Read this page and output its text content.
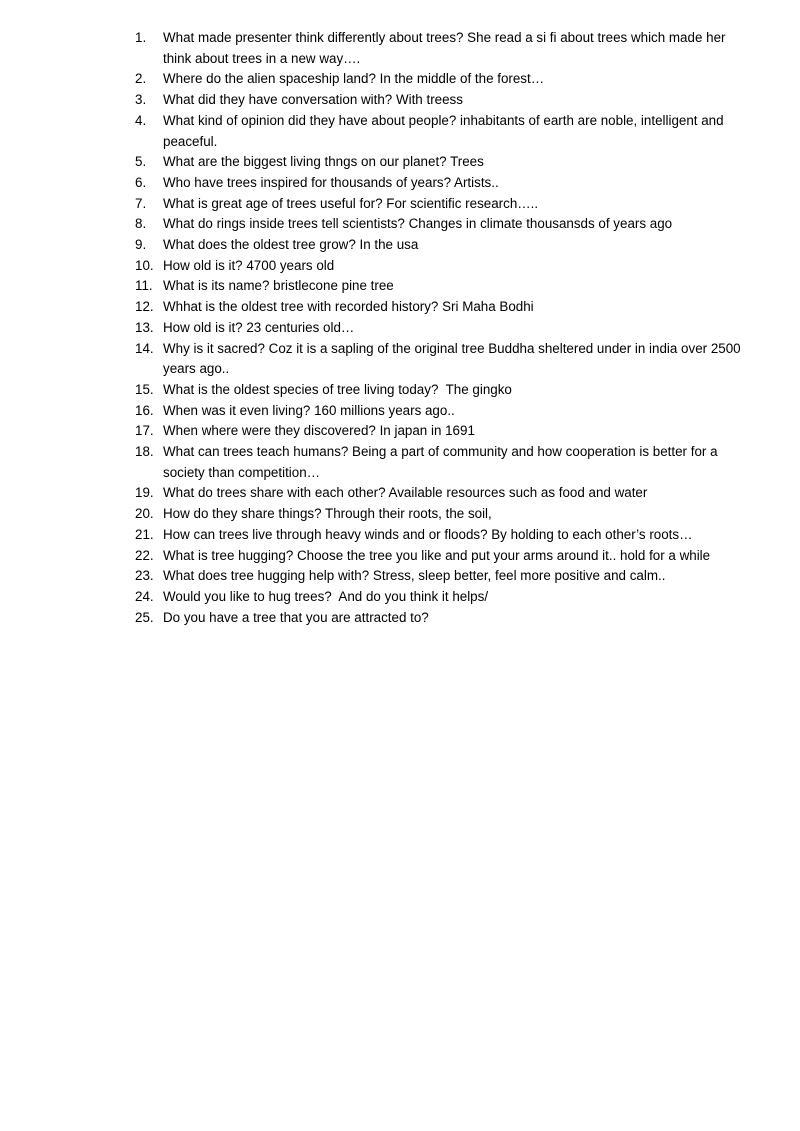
1.	What made presenter think differently about trees? She read a si fi about trees which made her think about trees in a new way….
2.	Where do the alien spaceship land? In the middle of the forest…
3.	What did they have conversation with? With treess
4.	What kind of opinion did they have about people? inhabitants of earth are noble, intelligent and peaceful.
5.	What are the biggest living thngs on our planet? Trees
6.	Who have trees inspired for thousands of years? Artists..
7.	What is great age of trees useful for? For scientific research…..
8.	What do rings inside trees tell scientists? Changes in climate thousansds of years ago
9.	What does the oldest tree grow? In the usa
10. How old is it? 4700 years old
11. What is its name? bristlecone pine tree
12. Whhat is the oldest tree with recorded history? Sri Maha Bodhi
13. How old is it? 23 centuries old…
14. Why is it sacred? Coz it is a sapling of the original tree Buddha sheltered under in india over 2500 years ago..
15. What is the oldest species of tree living today?  The gingko
16. When was it even living? 160 millions years ago..
17. When where were they discovered? In japan in 1691
18. What can trees teach humans? Being a part of community and how cooperation is better for a society than competition…
19. What do trees share with each other? Available resources such as food and water
20. How do they share things? Through their roots, the soil,
21. How can trees live through heavy winds and or floods? By holding to each other’s roots…
22. What is tree hugging? Choose the tree you like and put your arms around it.. hold for a while
23. What does tree hugging help with? Stress, sleep better, feel more positive and calm..
24. Would you like to hug trees?  And do you think it helps/
25. Do you have a tree that you are attracted to?
